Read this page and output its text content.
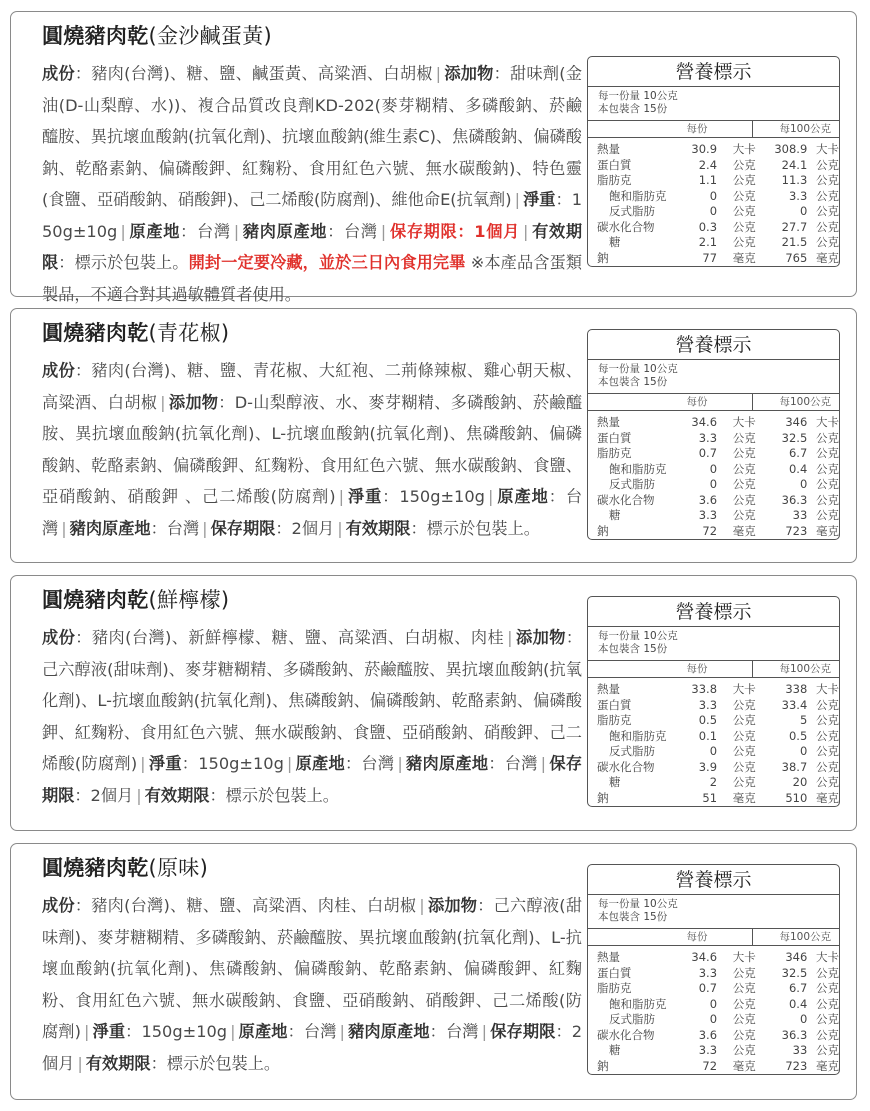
圓燒豬肉乾(金沙鹹蛋黃)
成份：豬肉(台灣)、糖、鹽、鹹蛋黃、高粱酒、白胡椒 | 添加物：甜味劑(金油(D-山梨醇、水))、複合品質改良劑KD-202(麥芽糊精、多磷酸鈉、菸鹼醯胺、異抗壞血酸鈉(抗氧化劑)、抗壞血酸鈉(維生素C)、焦磷酸鈉、偏磷酸鈉、乾酪素鈉、偏磷酸鉀、紅麴粉、食用紅色六號、無水碳酸鈉)、特色靈(食鹽、亞硝酸鈉、硝酸鉀)、己二烯酸(防腐劑)、維他命E(抗氧劑) | 淨重：150g±10g | 原產地：台灣 | 豬肉原產地：台灣 | 保存期限：1個月 | 有效期限：標示於包裝上。開封一定要冷藏，並於三日內食用完畢 ※本產品含蛋類製品，不適合對其過敏體質者使用。
營養標示
每一份量 10公克
本包裝含 15份
每份	每100公克
熱量	30.9	大卡	308.9 大卡
蛋白質	2.4	公克	24.1 公克
脂肪克	1.1	公克	11.3 公克
飽和脂肪克	0	公克	3.3 公克
反式脂肪	0	公克	0 公克
碳水化合物	0.3	公克	27.7 公克
糖	2.1	公克	21.5 公克
鈉	77	毫克	765 毫克
圓燒豬肉乾(青花椒)
成份：豬肉(台灣)、糖、鹽、青花椒、大紅袍、二荊條辣椒、雞心朝天椒、高粱酒、白胡椒 | 添加物：D-山梨醇液、水、麥芽糊精、多磷酸鈉、菸鹼醯胺、異抗壞血酸鈉(抗氧化劑)、L-抗壞血酸鈉(抗氧化劑)、焦磷酸鈉、偏磷酸鈉、乾酪素鈉、偏磷酸鉀、紅麴粉、食用紅色六號、無水碳酸鈉、食鹽、亞硝酸鈉、硝酸鉀 、己二烯酸(防腐劑) | 淨重：150g±10g | 原產地：台灣 | 豬肉原產地：台灣 | 保存期限：2個月 | 有效期限：標示於包裝上。
營養標示
每一份量 10公克
本包裝含 15份
每份	每100公克
熱量	34.6	大卡	346 大卡
蛋白質	3.3	公克	32.5 公克
脂肪克	0.7	公克	6.7 公克
飽和脂肪克	0	公克	0.4 公克
反式脂肪	0	公克	0 公克
碳水化合物	3.6	公克	36.3 公克
糖	3.3	公克	33 公克
鈉	72	毫克	723 毫克
圓燒豬肉乾(鮮檸檬)
成份：豬肉(台灣)、新鮮檸檬、糖、鹽、高粱酒、白胡椒、肉桂 | 添加物：己六醇液(甜味劑)、麥芽糖糊精、多磷酸鈉、菸鹼醯胺、異抗壞血酸鈉(抗氧化劑)、L-抗壞血酸鈉(抗氧化劑)、焦磷酸鈉、偏磷酸鈉、乾酪素鈉、偏磷酸鉀、紅麴粉、食用紅色六號、無水碳酸鈉、食鹽、亞硝酸鈉、硝酸鉀、己二烯酸(防腐劑) | 淨重：150g±10g | 原產地：台灣 | 豬肉原產地：台灣 | 保存期限：2個月 | 有效期限：標示於包裝上。
營養標示
每一份量 10公克
本包裝含 15份
每份	每100公克
熱量	33.8	大卡	338 大卡
蛋白質	3.3	公克	33.4 公克
脂肪克	0.5	公克	5 公克
飽和脂肪克	0.1	公克	0.5 公克
反式脂肪	0	公克	0 公克
碳水化合物	3.9	公克	38.7 公克
糖	2	公克	20 公克
鈉	51	毫克	510 毫克
圓燒豬肉乾(原味)
成份：豬肉(台灣)、糖、鹽、高粱酒、肉桂、白胡椒 | 添加物：己六醇液(甜味劑)、麥芽糖糊精、多磷酸鈉、菸鹼醯胺、異抗壞血酸鈉(抗氧化劑)、L-抗壞血酸鈉(抗氧化劑)、焦磷酸鈉、偏磷酸鈉、乾酪素鈉、偏磷酸鉀、紅麴粉、食用紅色六號、無水碳酸鈉、食鹽、亞硝酸鈉、硝酸鉀、己二烯酸(防腐劑) | 淨重：150g±10g | 原產地：台灣 | 豬肉原產地：台灣 | 保存期限：2個月 | 有效期限：標示於包裝上。
營養標示
每一份量 10公克
本包裝含 15份
每份	每100公克
熱量	34.6	大卡	346 大卡
蛋白質	3.3	公克	32.5 公克
脂肪克	0.7	公克	6.7 公克
飽和脂肪克	0	公克	0.4 公克
反式脂肪	0	公克	0 公克
碳水化合物	3.6	公克	36.3 公克
糖	3.3	公克	33 公克
鈉	72	毫克	723 毫克
